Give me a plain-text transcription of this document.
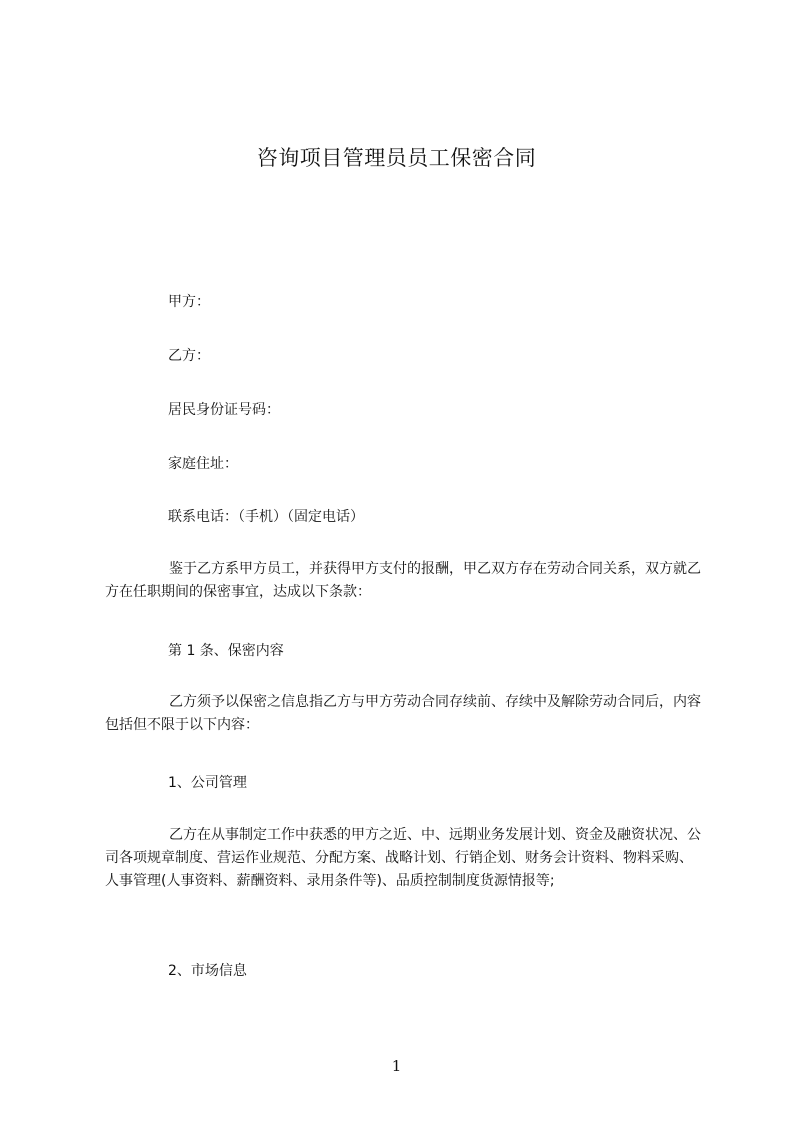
咨询项目管理员员工保密合同
甲方：
乙方：
居民身份证号码：
家庭住址：
联系电话：（手机）（固定电话）

鉴于乙方系甲方员工，并获得甲方支付的报酬，甲乙双方存在劳动合同关系，双方就乙方在任职期间的保密事宜，达成以下条款：

第 1 条、保密内容

乙方须予以保密之信息指乙方与甲方劳动合同存续前、存续中及解除劳动合同后，内容包括但不限于以下内容：

1、公司管理

乙方在从事制定工作中获悉的甲方之近、中、远期业务发展计划、资金及融资状况、公司各项规章制度、营运作业规范、分配方案、战略计划、行销企划、财务会计资料、物料采购、人事管理(人事资料、薪酬资料、录用条件等)、品质控制制度货源情报等;

2、市场信息
1
